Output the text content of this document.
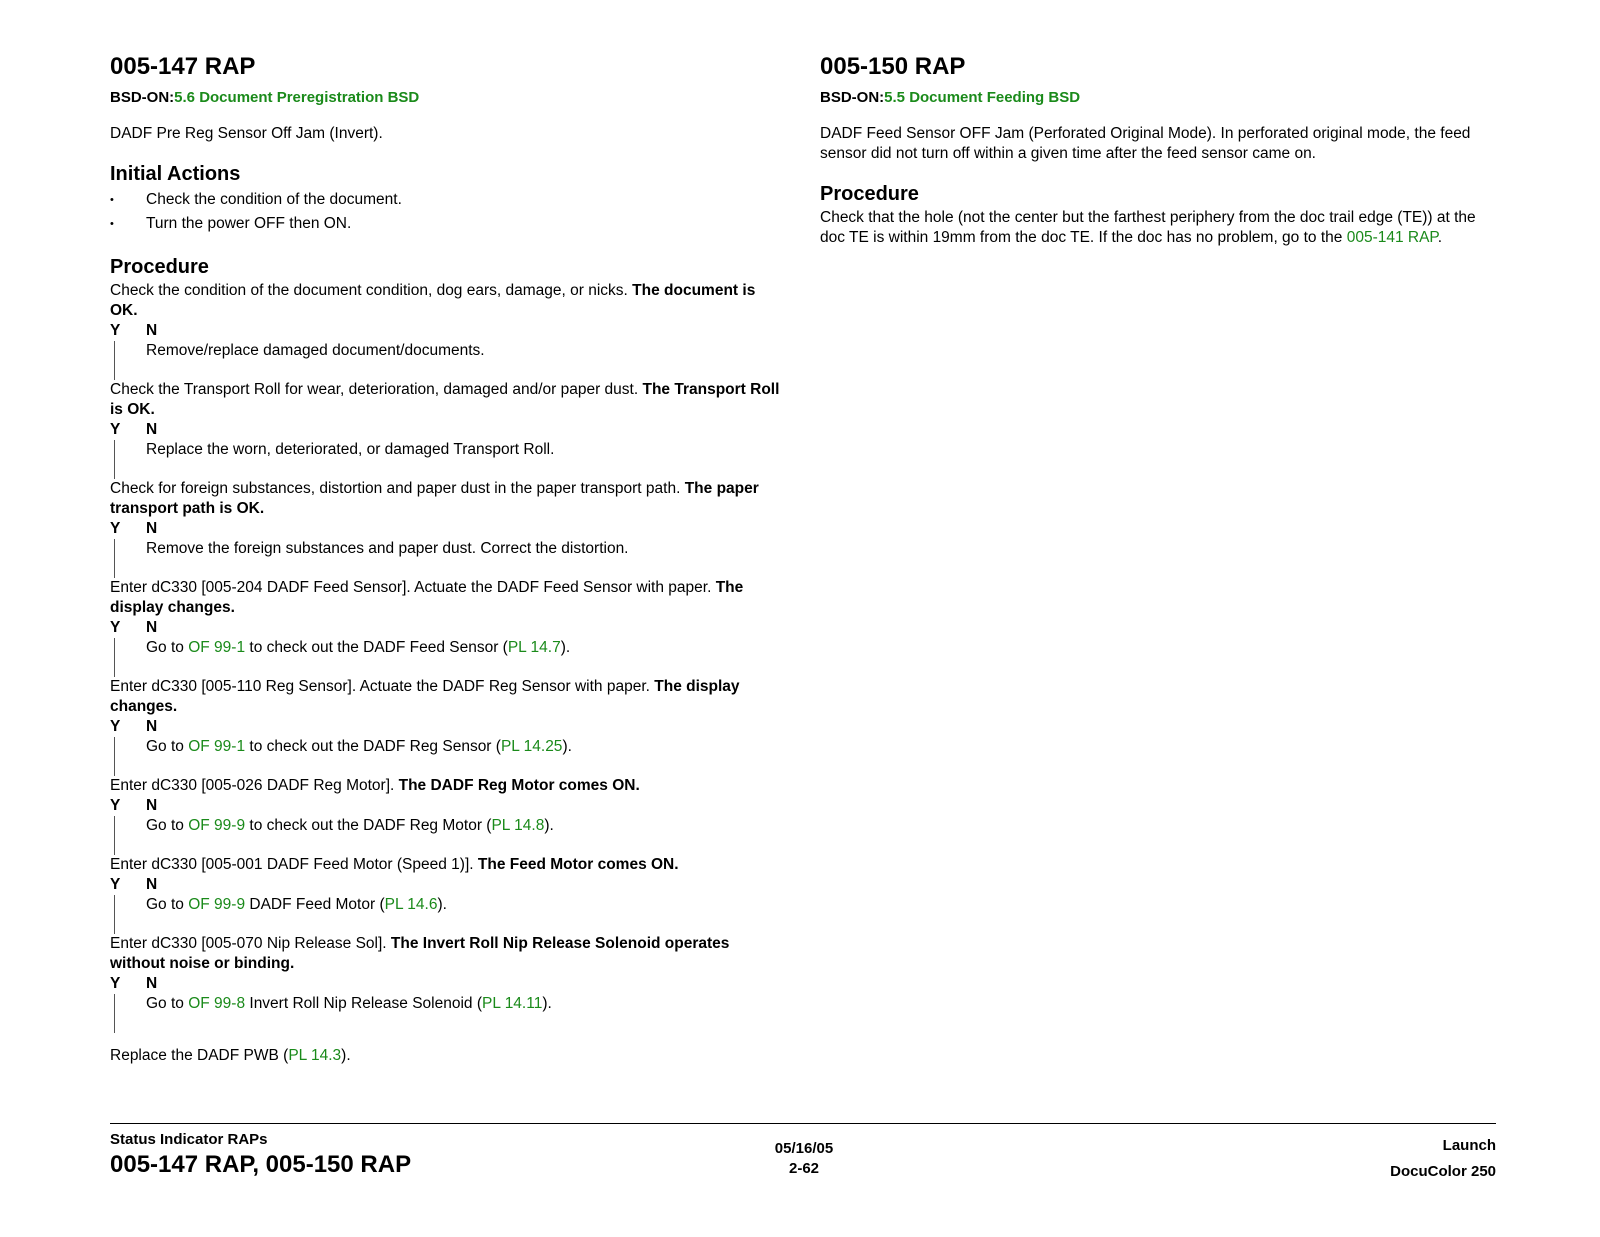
005-147 RAP
BSD-ON:5.6 Document Preregistration BSD

DADF Pre Reg Sensor Off Jam (Invert).

Initial Actions
• Check the condition of the document.
• Turn the power OFF then ON.
Procedure

Check the condition of the document condition, dog ears, damage, or nicks. The document is OK.

Y N
Remove/replace damaged document/documents.

Check the Transport Roll for wear, deterioration, damaged and/or paper dust. The Transport Roll is OK.

Y N
Replace the worn, deteriorated, or damaged Transport Roll.

Check for foreign substances, distortion and paper dust in the paper transport path. The paper transport path is OK.

Y N
Remove the foreign substances and paper dust. Correct the distortion.

Enter dC330 [005-204 DADF Feed Sensor]. Actuate the DADF Feed Sensor with paper. The display changes.

Y N
Go to OF 99-1 to check out the DADF Feed Sensor (PL 14.7).

Enter dC330 [005-110 Reg Sensor]. Actuate the DADF Reg Sensor with paper. The display changes.

Y N
Go to OF 99-1 to check out the DADF Reg Sensor (PL 14.25).

Enter dC330 [005-026 DADF Reg Motor]. The DADF Reg Motor comes ON.

Y N
Go to OF 99-9 to check out the DADF Reg Motor (PL 14.8).

Enter dC330 [005-001 DADF Feed Motor (Speed 1)]. The Feed Motor comes ON.

Y N
Go to OF 99-9 DADF Feed Motor (PL 14.6).

Enter dC330 [005-070 Nip Release Sol]. The Invert Roll Nip Release Solenoid operates without noise or binding.

Y N
Go to OF 99-8 Invert Roll Nip Release Solenoid (PL 14.11).

Replace the DADF PWB (PL 14.3).

005-150 RAP
BSD-ON:5.5 Document Feeding BSD

DADF Feed Sensor OFF Jam (Perforated Original Mode). In perforated original mode, the feed sensor did not turn off within a given time after the feed sensor came on.

Procedure

Check that the hole (not the center but the farthest periphery from the doc trail edge (TE)) at the doc TE is within 19mm from the doc TE. If the doc has no problem, go to the 005-141 RAP.

Status Indicator RAPs
005-147 RAP, 005-150 RAP
05/16/05
2-62
Launch
DocuColor 250
